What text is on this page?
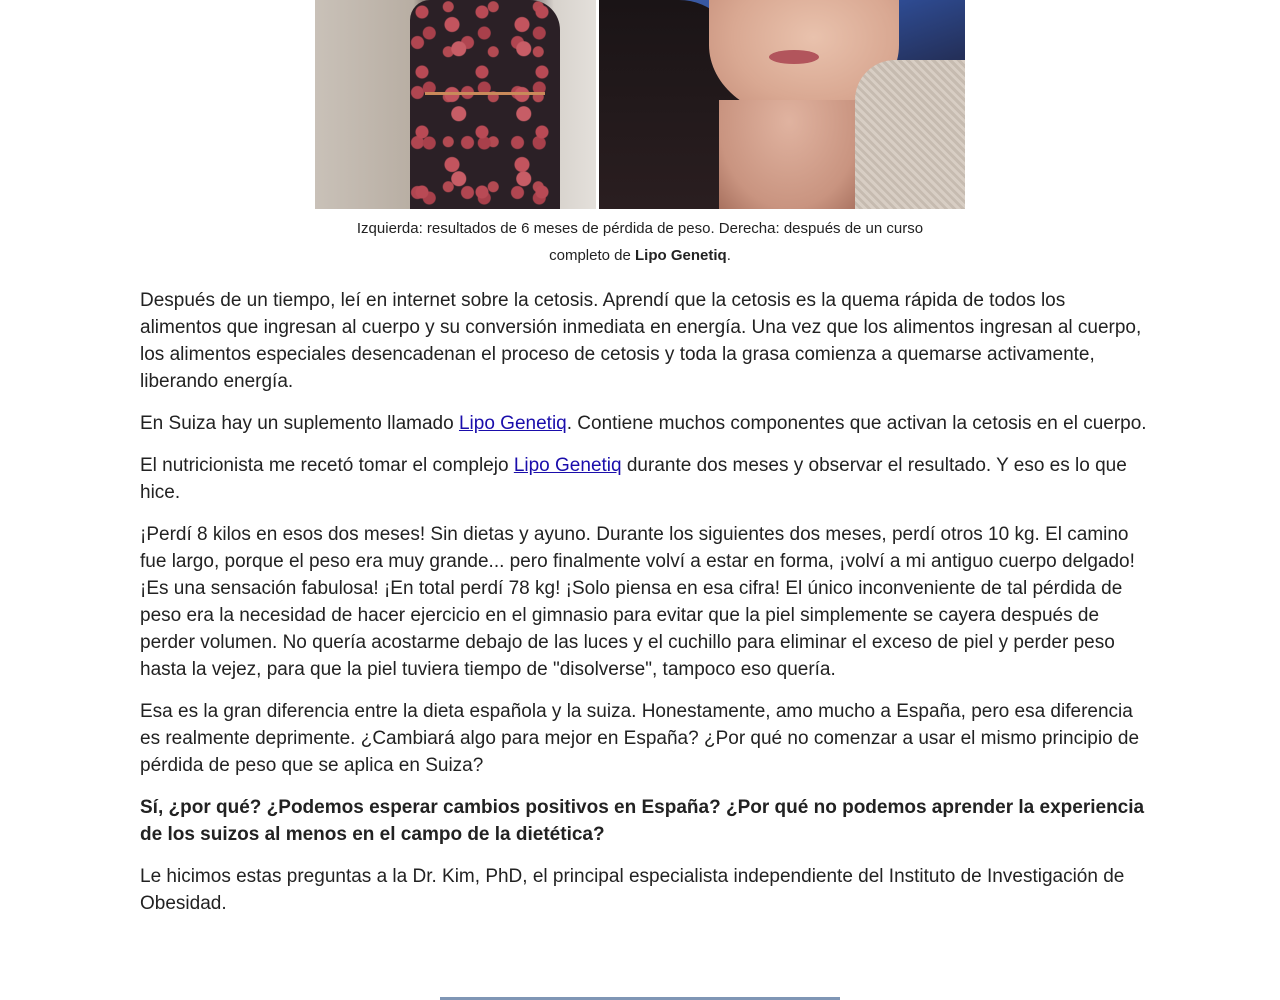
Izquierda: resultados de 6 meses de pérdida de peso. Derecha: después de un curso
completo de Lipo Genetiq.

Después de un tiempo, leí en internet sobre la cetosis. Aprendí que la cetosis es la quema rápida de todos los alimentos que ingresan al cuerpo y su conversión inmediata en energía. Una vez que los alimentos ingresan al cuerpo, los alimentos especiales desencadenan el proceso de cetosis y toda la grasa comienza a quemarse activamente, liberando energía.

En Suiza hay un suplemento llamado Lipo Genetiq. Contiene muchos componentes que activan la cetosis en el cuerpo.

El nutricionista me recetó tomar el complejo Lipo Genetiq durante dos meses y observar el resultado. Y eso es lo que hice.

¡Perdí 8 kilos en esos dos meses! Sin dietas y ayuno. Durante los siguientes dos meses, perdí otros 10 kg. El camino fue largo, porque el peso era muy grande... pero finalmente volví a estar en forma, ¡volví a mi antiguo cuerpo delgado! ¡Es una sensación fabulosa! ¡En total perdí 78 kg! ¡Solo piensa en esa cifra! El único inconveniente de tal pérdida de peso era la necesidad de hacer ejercicio en el gimnasio para evitar que la piel simplemente se cayera después de perder volumen. No quería acostarme debajo de las luces y el cuchillo para eliminar el exceso de piel y perder peso hasta la vejez, para que la piel tuviera tiempo de "disolverse", tampoco eso quería.

Esa es la gran diferencia entre la dieta española y la suiza. Honestamente, amo mucho a España, pero esa diferencia es realmente deprimente. ¿Cambiará algo para mejor en España? ¿Por qué no comenzar a usar el mismo principio de pérdida de peso que se aplica en Suiza?

Sí, ¿por qué? ¿Podemos esperar cambios positivos en España? ¿Por qué no podemos aprender la experiencia de los suizos al menos en el campo de la dietética?

Le hicimos estas preguntas a la Dr. Kim, PhD, el principal especialista independiente del Instituto de Investigación de Obesidad.
